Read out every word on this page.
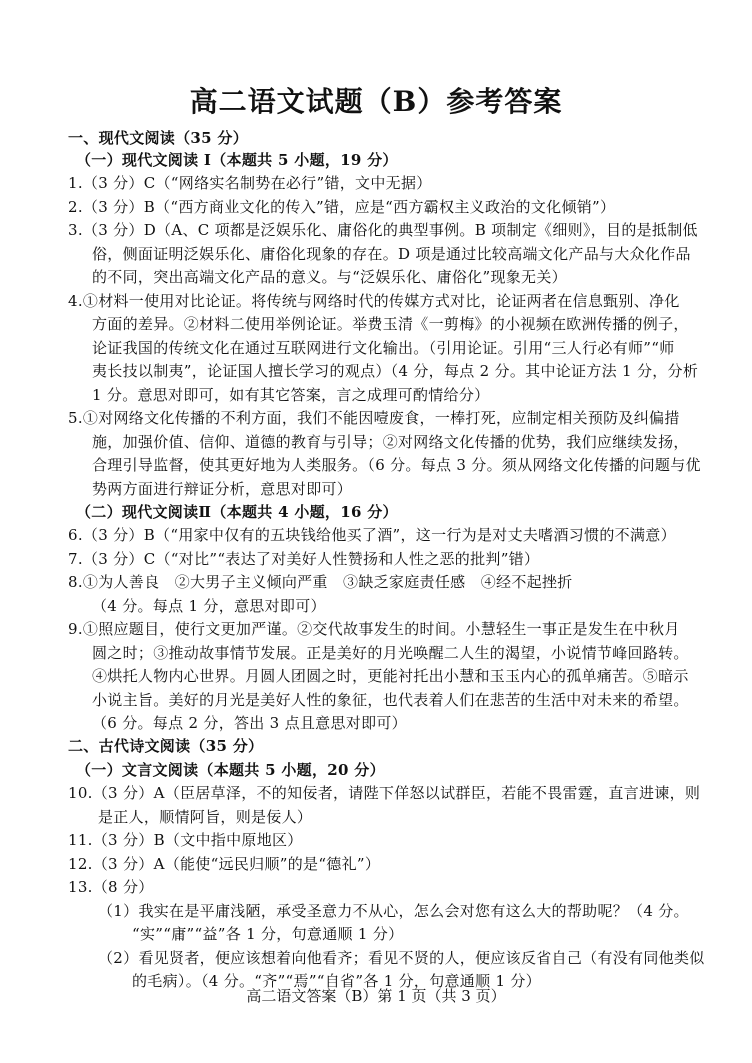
高二语文试题（B）参考答案
一、现代文阅读（35 分）
（一）现代文阅读 I（本题共 5 小题，19 分）
1.（3 分）C（“网络实名制势在必行”错，文中无据）
2.（3 分）B（“西方商业文化的传入”错，应是“西方霸权主义政治的文化倾销”）
3.（3 分）D（A、C 项都是泛娱乐化、庸俗化的典型事例。B 项制定《细则》，目的是抵制低
俗，侧面证明泛娱乐化、庸俗化现象的存在。D 项是通过比较高端文化产品与大众化作品
的不同，突出高端文化产品的意义。与“泛娱乐化、庸俗化”现象无关）
4.①材料一使用对比论证。将传统与网络时代的传媒方式对比，论证两者在信息甄别、净化
方面的差异。②材料二使用举例论证。举费玉清《一剪梅》的小视频在欧洲传播的例子，
论证我国的传统文化在通过互联网进行文化输出。（引用论证。引用“三人行必有师”“师
夷长技以制夷”，论证国人擅长学习的观点）（4 分，每点 2 分。其中论证方法 1 分，分析
1 分。意思对即可，如有其它答案，言之成理可酌情给分）
5.①对网络文化传播的不利方面，我们不能因噎废食，一棒打死，应制定相关预防及纠偏措
施，加强价值、信仰、道德的教育与引导；②对网络文化传播的优势，我们应继续发扬，
合理引导监督，使其更好地为人类服务。（6 分。每点 3 分。须从网络文化传播的问题与优
势两方面进行辩证分析，意思对即可）
（二）现代文阅读Ⅱ（本题共 4 小题，16 分）
6.（3 分）B（“用家中仅有的五块钱给他买了酒”，这一行为是对丈夫嗜酒习惯的不满意）
7.（3 分）C（“对比”“表达了对美好人性赞扬和人性之恶的批判”错）
8.①为人善良　②大男子主义倾向严重　③缺乏家庭责任感　④经不起挫折
（4 分。每点 1 分，意思对即可）
9.①照应题目，使行文更加严谨。②交代故事发生的时间。小慧轻生一事正是发生在中秋月
圆之时；③推动故事情节发展。正是美好的月光唤醒二人生的渴望，小说情节峰回路转。
④烘托人物内心世界。月圆人团圆之时，更能衬托出小慧和玉玉内心的孤单痛苦。⑤暗示
小说主旨。美好的月光是美好人性的象征，也代表着人们在悲苦的生活中对未来的希望。
（6 分。每点 2 分，答出 3 点且意思对即可）
二、古代诗文阅读（35 分）
（一）文言文阅读（本题共 5 小题，20 分）
10.（3 分）A（臣居草泽，不的知佞者，请陛下佯怒以试群臣，若能不畏雷霆，直言进谏，则
是正人，顺情阿旨，则是佞人）
11.（3 分）B（文中指中原地区）
12.（3 分）A（能使“远民归顺”的是“德礼”）
13.（8 分）
（1）我实在是平庸浅陋，承受圣意力不从心，怎么会对您有这么大的帮助呢？（4 分。
“实”“庸”“益”各 1 分，句意通顺 1 分）
（2）看见贤者，便应该想着向他看齐；看见不贤的人，便应该反省自己（有没有同他类似
的毛病）。（4 分。“齐”“焉”“自省”各 1 分，句意通顺 1 分）
高二语文答案（B）第 1 页（共 3 页）
